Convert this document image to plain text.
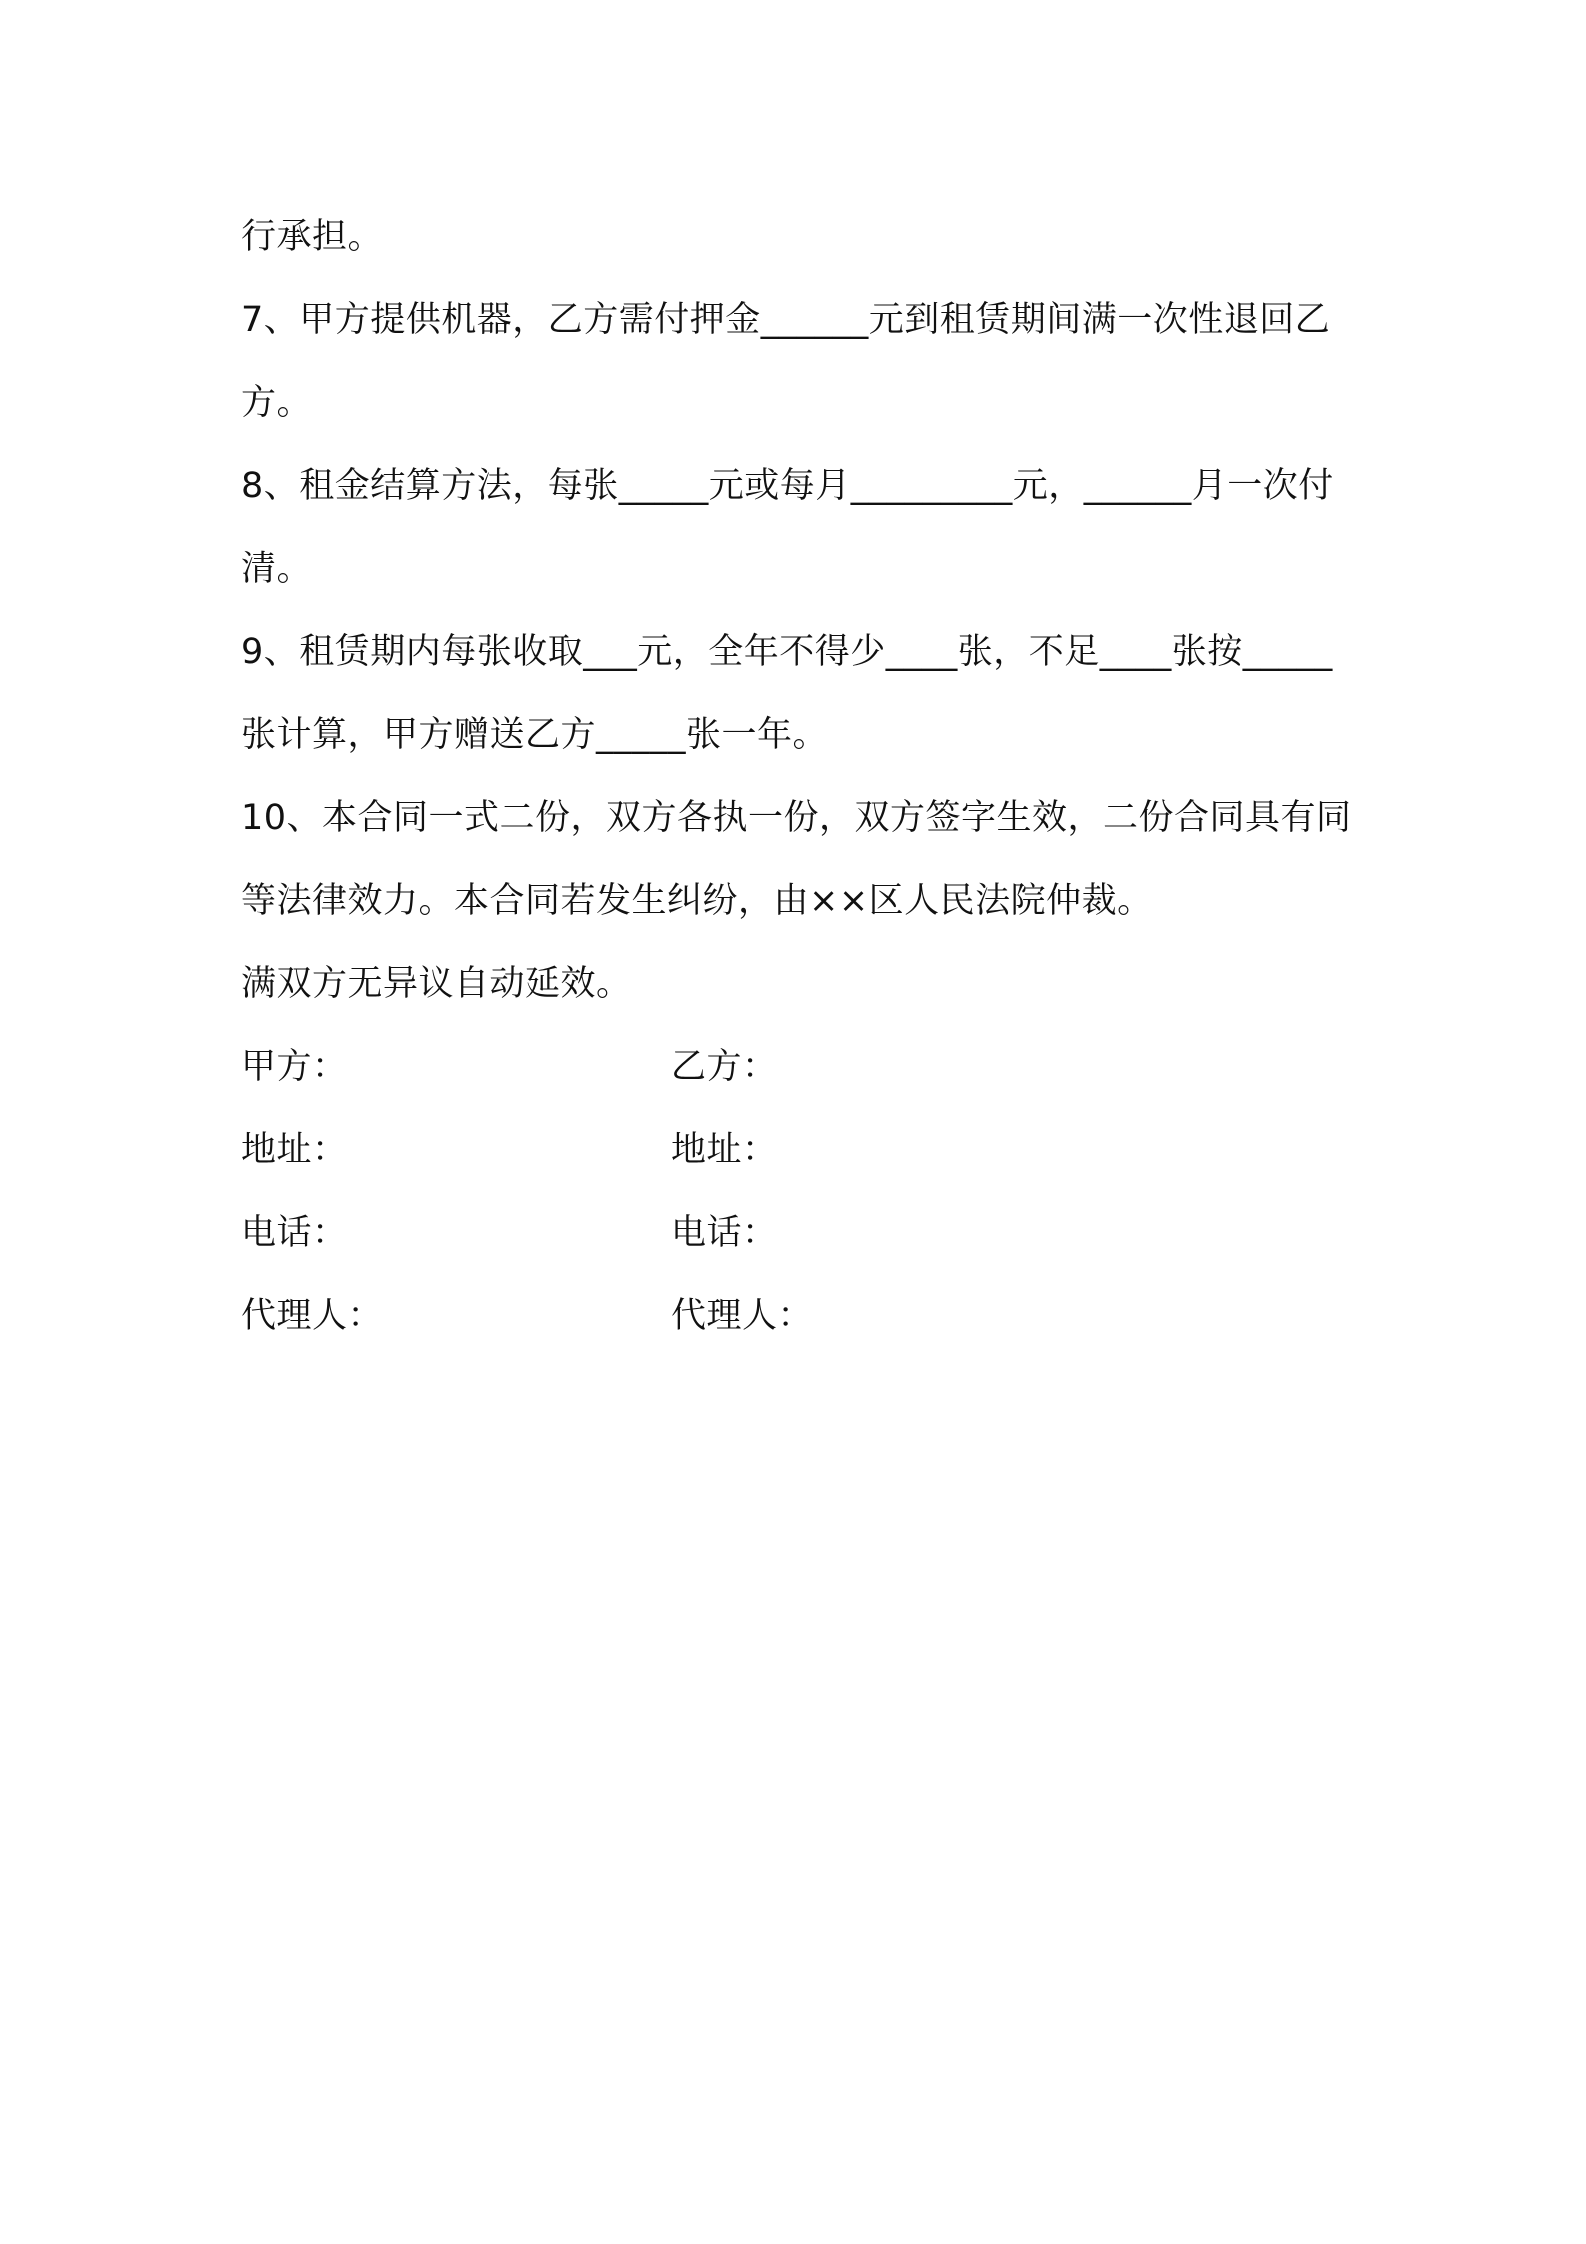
行承担。

7、甲方提供机器，乙方需付押金______元到租赁期间满一次性退回乙方。

8、租金结算方法，每张_____元或每月_________元，______月一次付清。

9、租赁期内每张收取___元，全年不得少____张，不足____张按_____张计算，甲方赠送乙方_____张一年。

10、本合同一式二份，双方各执一份，双方签字生效，二份合同具有同等法律效力。本合同若发生纠纷，由××区人民法院仲裁。

满双方无异议自动延效。

甲方：	乙方：
地址：	地址：
电话：	电话：
代理人：	代理人：
